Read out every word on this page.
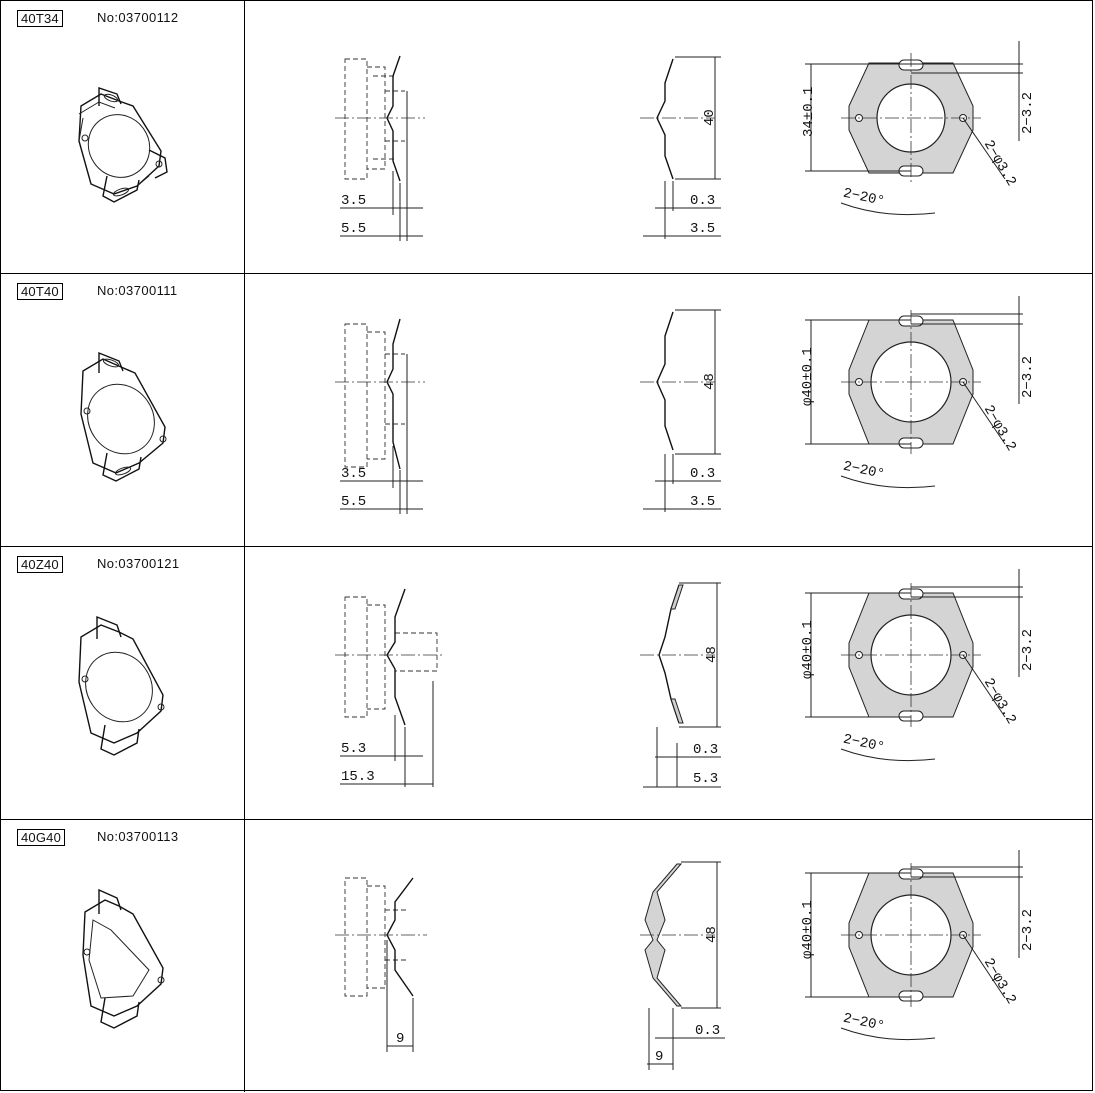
40T34	No:03700112
3.5
5.5
40
0.3
3.5
34±0.1	2−3.2
2−φ3.2
2−20°
40T40	No:03700111
3.5
5.5
48
0.3
3.5
φ40±0.1	2−3.2
2−φ3.2
2−20°
40Z40	No:03700121
5.3
15.3
48
0.3
5.3
φ40±0.1	2−3.2
2−φ3.2
2−20°
40G40	No:03700113
9
48
0.3
9
φ40±0.1	2−3.2
2−φ3.2
2−20°
